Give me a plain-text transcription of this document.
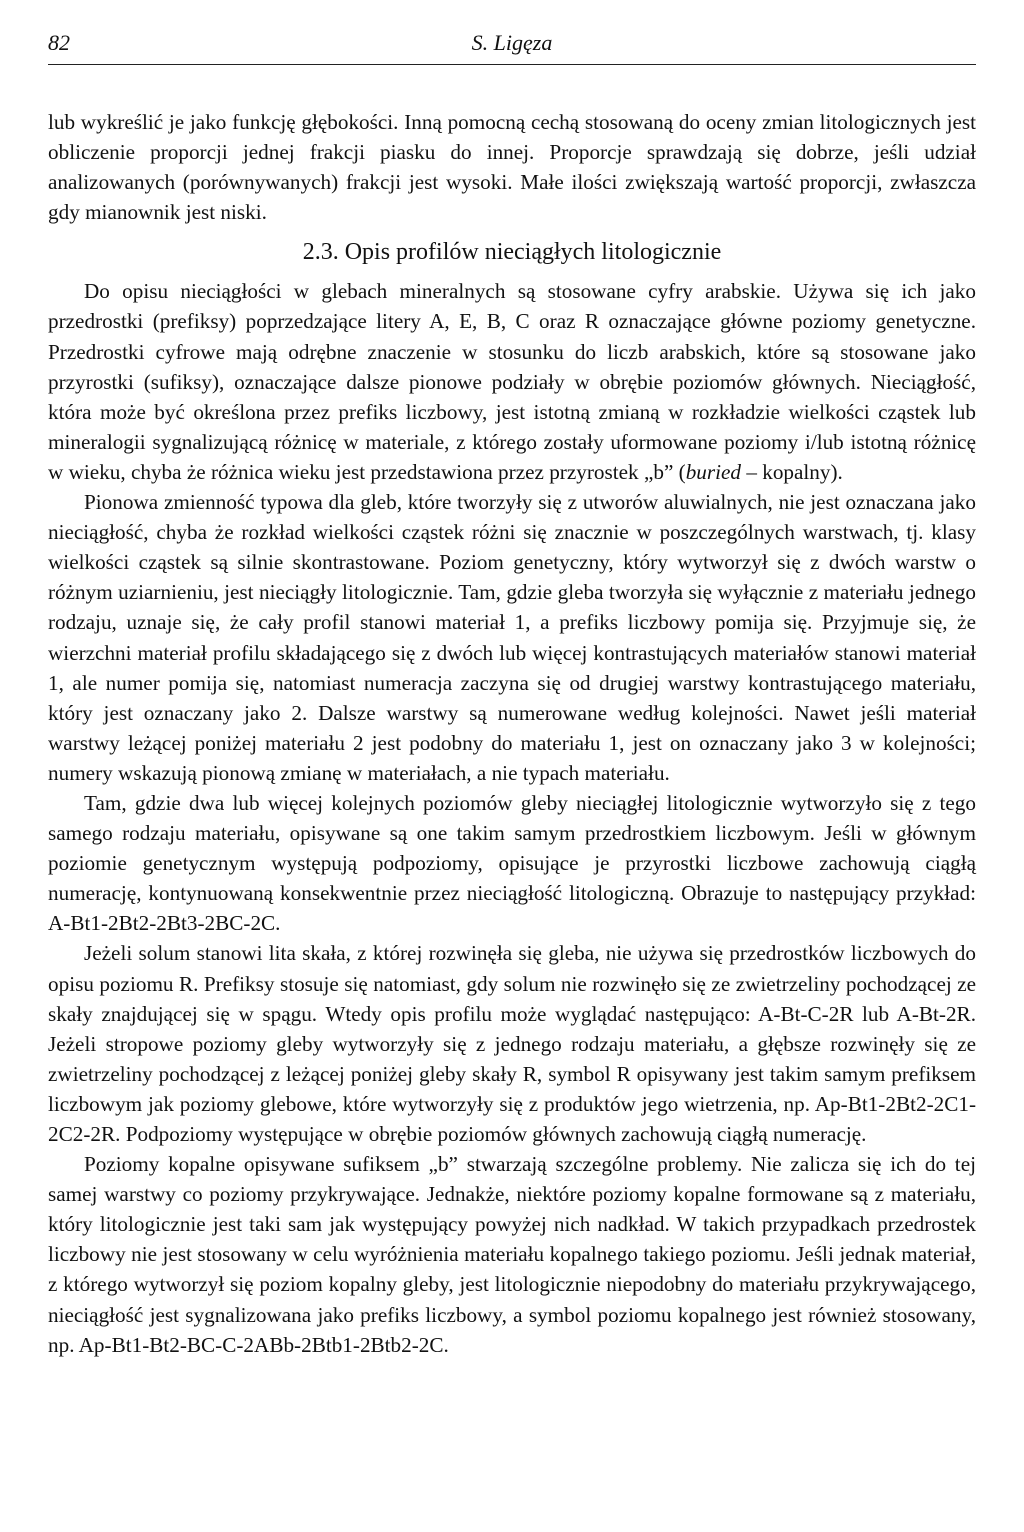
82	S. Ligęza

lub wykreślić je jako funkcję głębokości. Inną pomocną cechą stosowaną do oceny zmian litologicznych jest obliczenie proporcji jednej frakcji piasku do innej. Proporcje sprawdzają się dobrze, jeśli udział analizowanych (porównywanych) frakcji jest wysoki. Małe ilości zwiększają wartość proporcji, zwłaszcza gdy mianownik jest niski.

2.3. Opis profilów nieciągłych litologicznie

Do opisu nieciągłości w glebach mineralnych są stosowane cyfry arabskie. Używa się ich jako przedrostki (prefiksy) poprzedzające litery A, E, B, C oraz R oznaczające główne poziomy genetyczne. Przedrostki cyfrowe mają odrębne znaczenie w stosunku do liczb arabskich, które są stosowane jako przyrostki (sufiksy), oznaczające dalsze pionowe podziały w obrębie poziomów głównych. Nieciągłość, która może być określona przez prefiks liczbowy, jest istotną zmianą w rozkładzie wielkości cząstek lub mineralogii sygnalizującą różnicę w materiale, z którego zostały uformowane poziomy i/lub istotną różnicę w wieku, chyba że różnica wieku jest przedstawiona przez przyrostek „b” (buried – kopalny).

Pionowa zmienność typowa dla gleb, które tworzyły się z utworów aluwialnych, nie jest oznaczana jako nieciągłość, chyba że rozkład wielkości cząstek różni się znacznie w poszczególnych warstwach, tj. klasy wielkości cząstek są silnie skontrastowane. Poziom genetyczny, który wytworzył się z dwóch warstw o różnym uziarnieniu, jest nieciągły litologicznie. Tam, gdzie gleba tworzyła się wyłącznie z materiału jednego rodzaju, uznaje się, że cały profil stanowi materiał 1, a prefiks liczbowy pomija się. Przyjmuje się, że wierzchni materiał profilu składającego się z dwóch lub więcej kontrastujących materiałów stanowi materiał 1, ale numer pomija się, natomiast numeracja zaczyna się od drugiej warstwy kontrastującego materiału, który jest oznaczany jako 2. Dalsze warstwy są numerowane według kolejności. Nawet jeśli materiał warstwy leżącej poniżej materiału 2 jest podobny do materiału 1, jest on oznaczany jako 3 w kolejności; numery wskazują pionową zmianę w materiałach, a nie typach materiału.

Tam, gdzie dwa lub więcej kolejnych poziomów gleby nieciągłej litologicznie wytworzyło się z tego samego rodzaju materiału, opisywane są one takim samym przedrostkiem liczbowym. Jeśli w głównym poziomie genetycznym występują podpoziomy, opisujące je przyrostki liczbowe zachowują ciągłą numerację, kontynuowaną konsekwentnie przez nieciągłość litologiczną. Obrazuje to następujący przykład: A-Bt1-2Bt2-2Bt3-2BC-2C.

Jeżeli solum stanowi lita skała, z której rozwinęła się gleba, nie używa się przedrostków liczbowych do opisu poziomu R. Prefiksy stosuje się natomiast, gdy solum nie rozwinęło się ze zwietrzeliny pochodzącej ze skały znajdującej się w spągu. Wtedy opis profilu może wyglądać następująco: A-Bt-C-2R lub A-Bt-2R. Jeżeli stropowe poziomy gleby wytworzyły się z jednego rodzaju materiału, a głębsze rozwinęły się ze zwietrzeliny pochodzącej z leżącej poniżej gleby skały R, symbol R opisywany jest takim samym prefiksem liczbowym jak poziomy glebowe, które wytworzyły się z produktów jego wietrzenia, np. Ap-Bt1-2Bt2-2C1-2C2-2R. Podpoziomy występujące w obrębie poziomów głównych zachowują ciągłą numerację.

Poziomy kopalne opisywane sufiksem „b” stwarzają szczególne problemy. Nie zalicza się ich do tej samej warstwy co poziomy przykrywające. Jednakże, niektóre poziomy kopalne formowane są z materiału, który litologicznie jest taki sam jak występujący powyżej nich nadkład. W takich przypadkach przedrostek liczbowy nie jest stosowany w celu wyróżnienia materiału kopalnego takiego poziomu. Jeśli jednak materiał, z którego wytworzył się poziom kopalny gleby, jest litologicznie niepodobny do materiału przykrywającego, nieciągłość jest sygnalizowana jako prefiks liczbowy, a symbol poziomu kopalnego jest również stosowany, np. Ap-Bt1-Bt2-BC-C-2ABb-2Btb1-2Btb2-2C.
